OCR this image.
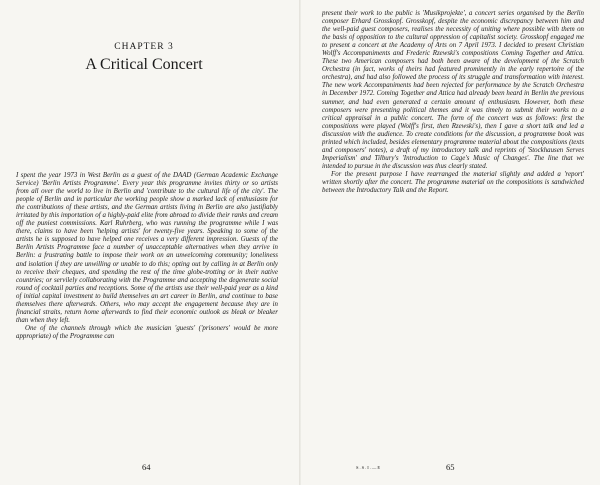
CHAPTER 3
A Critical Concert

I spent the year 1973 in West Berlin as a guest of the DAAD (German Academic Exchange Service) 'Berlin Artists Programme'. Every year this programme invites thirty or so artists from all over the world to live in Berlin and 'contribute to the cultural life of the city'. The people of Berlin and in particular the working people show a marked lack of enthusiasm for the contributions of these artists, and the German artists living in Berlin are also justifiably irritated by this importation of a highly-paid elite from abroad to divide their ranks and cream off the puniest commissions. Karl Ruhrberg, who was running the programme while I was there, claims to have been 'helping artists' for twenty-five years. Speaking to some of the artists he is supposed to have helped one receives a very different impression. Guests of the Berlin Artists Programme face a number of unacceptable alternatives when they arrive in Berlin: a frustrating battle to impose their work on an unwelcoming community; loneliness and isolation if they are unwilling or unable to do this; opting out by calling in at Berlin only to receive their cheques, and spending the rest of the time globe-trotting or in their native countries; or servilely collaborating with the Programme and accepting the degenerate social round of cocktail parties and receptions. Some of the artists use their well-paid year as a kind of initial capital investment to build themselves an art career in Berlin, and continue to base themselves there afterwards. Others, who may accept the engagement because they are in financial straits, return home afterwards to find their economic outlook as bleak or bleaker than when they left.

One of the channels through which the musician 'guests' ('prisoners' would be more appropriate) of the Programme can

64

present their work to the public is 'Musikprojekte', a concert series organised by the Berlin composer Erhard Grosskopf. Grosskopf, despite the economic discrepancy between him and the well-paid guest composers, realises the necessity of uniting where possible with them on the basis of opposition to the cultural oppression of capitalist society. Grosskopf engaged me to present a concert at the Academy of Arts on 7 April 1973. I decided to present Christian Wolff's Accompaniments and Frederic Rzewski's compositions Coming Together and Attica. These two American composers had both been aware of the development of the Scratch Orchestra (in fact, works of theirs had featured prominently in the early repertoire of the orchestra), and had also followed the process of its struggle and transformation with interest. The new work Accompaniments had been rejected for performance by the Scratch Orchestra in December 1972. Coming Together and Attica had already been heard in Berlin the previous summer, and had even generated a certain amount of enthusiasm. However, both these composers were presenting political themes and it was timely to submit their works to a critical appraisal in a public concert. The form of the concert was as follows: first the compositions were played (Wolff's first, then Rzewski's), then I gave a short talk and led a discussion with the audience. To create conditions for the discussion, a programme book was printed which included, besides elementary programme material about the compositions (texts and composers' notes), a draft of my introductory talk and reprints of 'Stockhausen Serves Imperialism' and Tilbury's 'Introduction to Cage's Music of Changes'. The line that we intended to pursue in the discussion was thus clearly stated.

For the present purpose I have rearranged the material slightly and added a 'report' written shortly after the concert. The programme material on the compositions is sandwiched between the Introductory Talk and the Report.

S.S.I.—E	65
